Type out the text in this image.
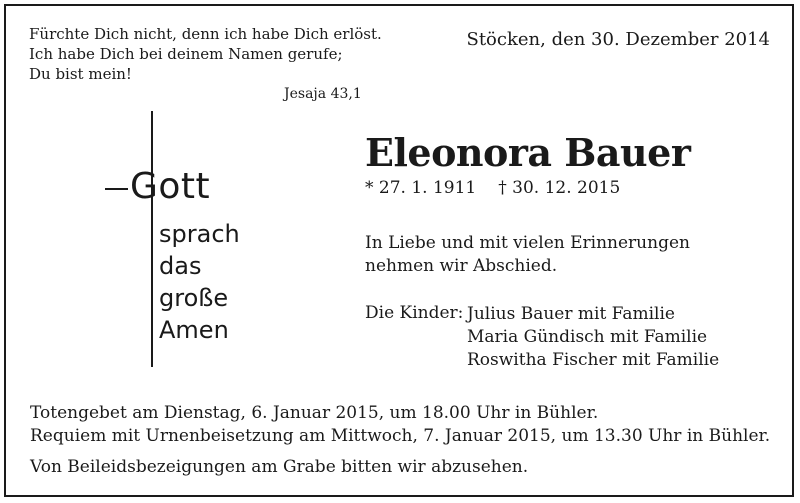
Fürchte Dich nicht, denn ich habe Dich erlöst.
Ich habe Dich bei deinem Namen gerufe;
Du bist mein!
Jesaja 43,1
Stöcken, den 30. Dezember 2014
Gott
sprach
das
große
Amen
Eleonora Bauer
* 27. 1. 1911 † 30. 12. 2015
In Liebe und mit vielen Erinnerungen
nehmen wir Abschied.
Die Kinder: Julius Bauer mit Familie
Maria Gündisch mit Familie
Roswitha Fischer mit Familie
Totengebet am Dienstag, 6. Januar 2015, um 18.00 Uhr in Bühler.
Requiem mit Urnenbeisetzung am Mittwoch, 7. Januar 2015, um 13.30 Uhr in Bühler.
Von Beileidsbezeigungen am Grabe bitten wir abzusehen.
